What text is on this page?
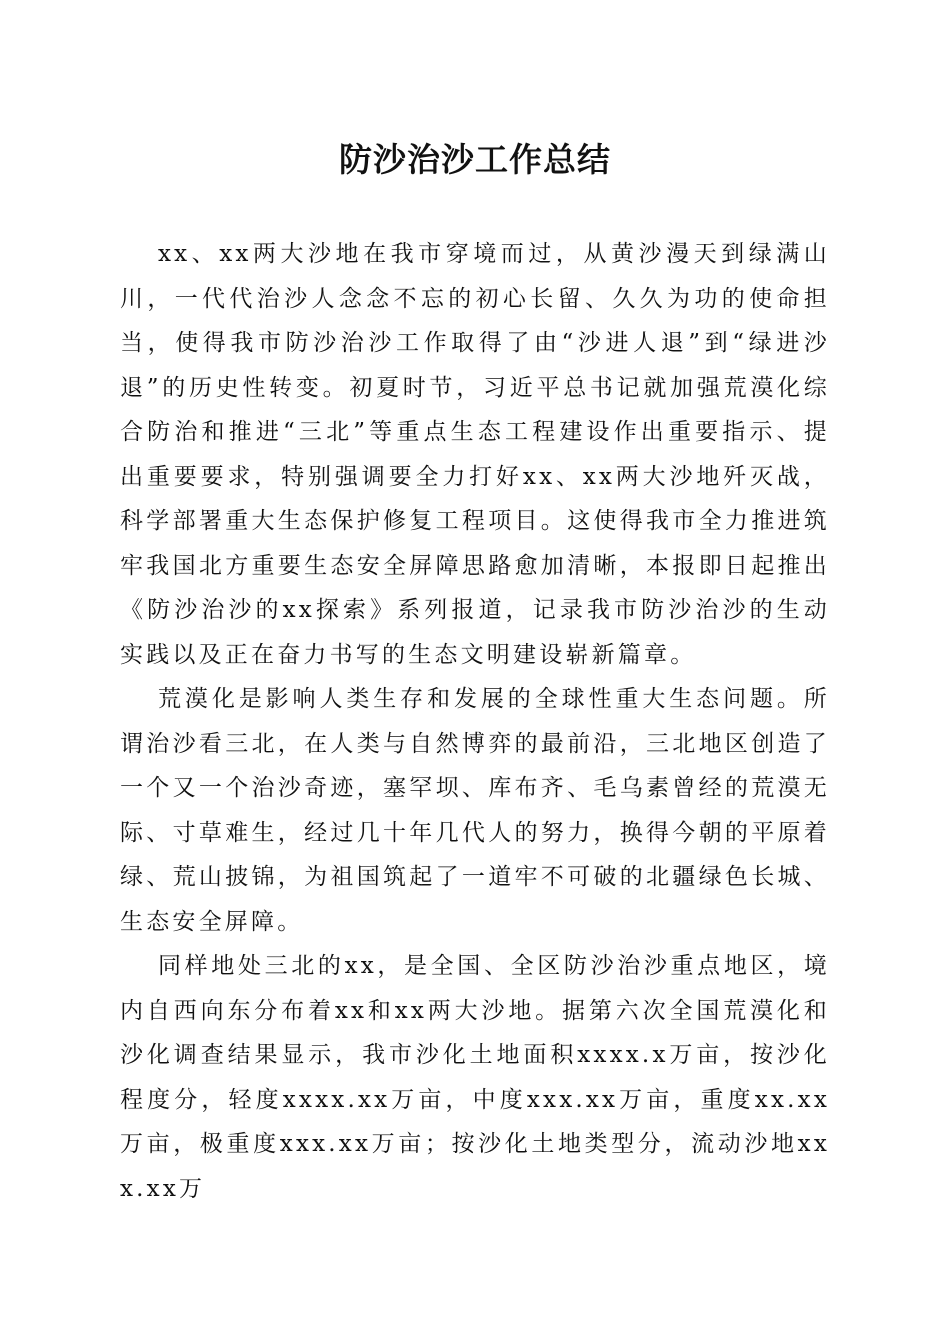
防沙治沙工作总结

xx、xx两大沙地在我市穿境而过，从黄沙漫天到绿满山川，一代代治沙人念念不忘的初心长留、久久为功的使命担当，使得我市防沙治沙工作取得了由“沙进人退”到“绿进沙退”的历史性转变。初夏时节，习近平总书记就加强荒漠化综合防治和推进“三北”等重点生态工程建设作出重要指示、提出重要要求，特别强调要全力打好xx、xx两大沙地歼灭战，科学部署重大生态保护修复工程项目。这使得我市全力推进筑牢我国北方重要生态安全屏障思路愈加清晰，本报即日起推出《防沙治沙的xx探索》系列报道，记录我市防沙治沙的生动实践以及正在奋力书写的生态文明建设崭新篇章。

荒漠化是影响人类生存和发展的全球性重大生态问题。所谓治沙看三北，在人类与自然博弈的最前沿，三北地区创造了一个又一个治沙奇迹，塞罕坝、库布齐、毛乌素曾经的荒漠无际、寸草难生，经过几十年几代人的努力，换得今朝的平原着绿、荒山披锦，为祖国筑起了一道牢不可破的北疆绿色长城、生态安全屏障。

同样地处三北的xx，是全国、全区防沙治沙重点地区，境内自西向东分布着xx和xx两大沙地。据第六次全国荒漠化和沙化调查结果显示，我市沙化土地面积xxxx.x万亩，按沙化程度分，轻度xxxx.xx万亩，中度xxx.xx万亩，重度xx.xx万亩，极重度xxx.xx万亩；按沙化土地类型分，流动沙地xxx.xx万
